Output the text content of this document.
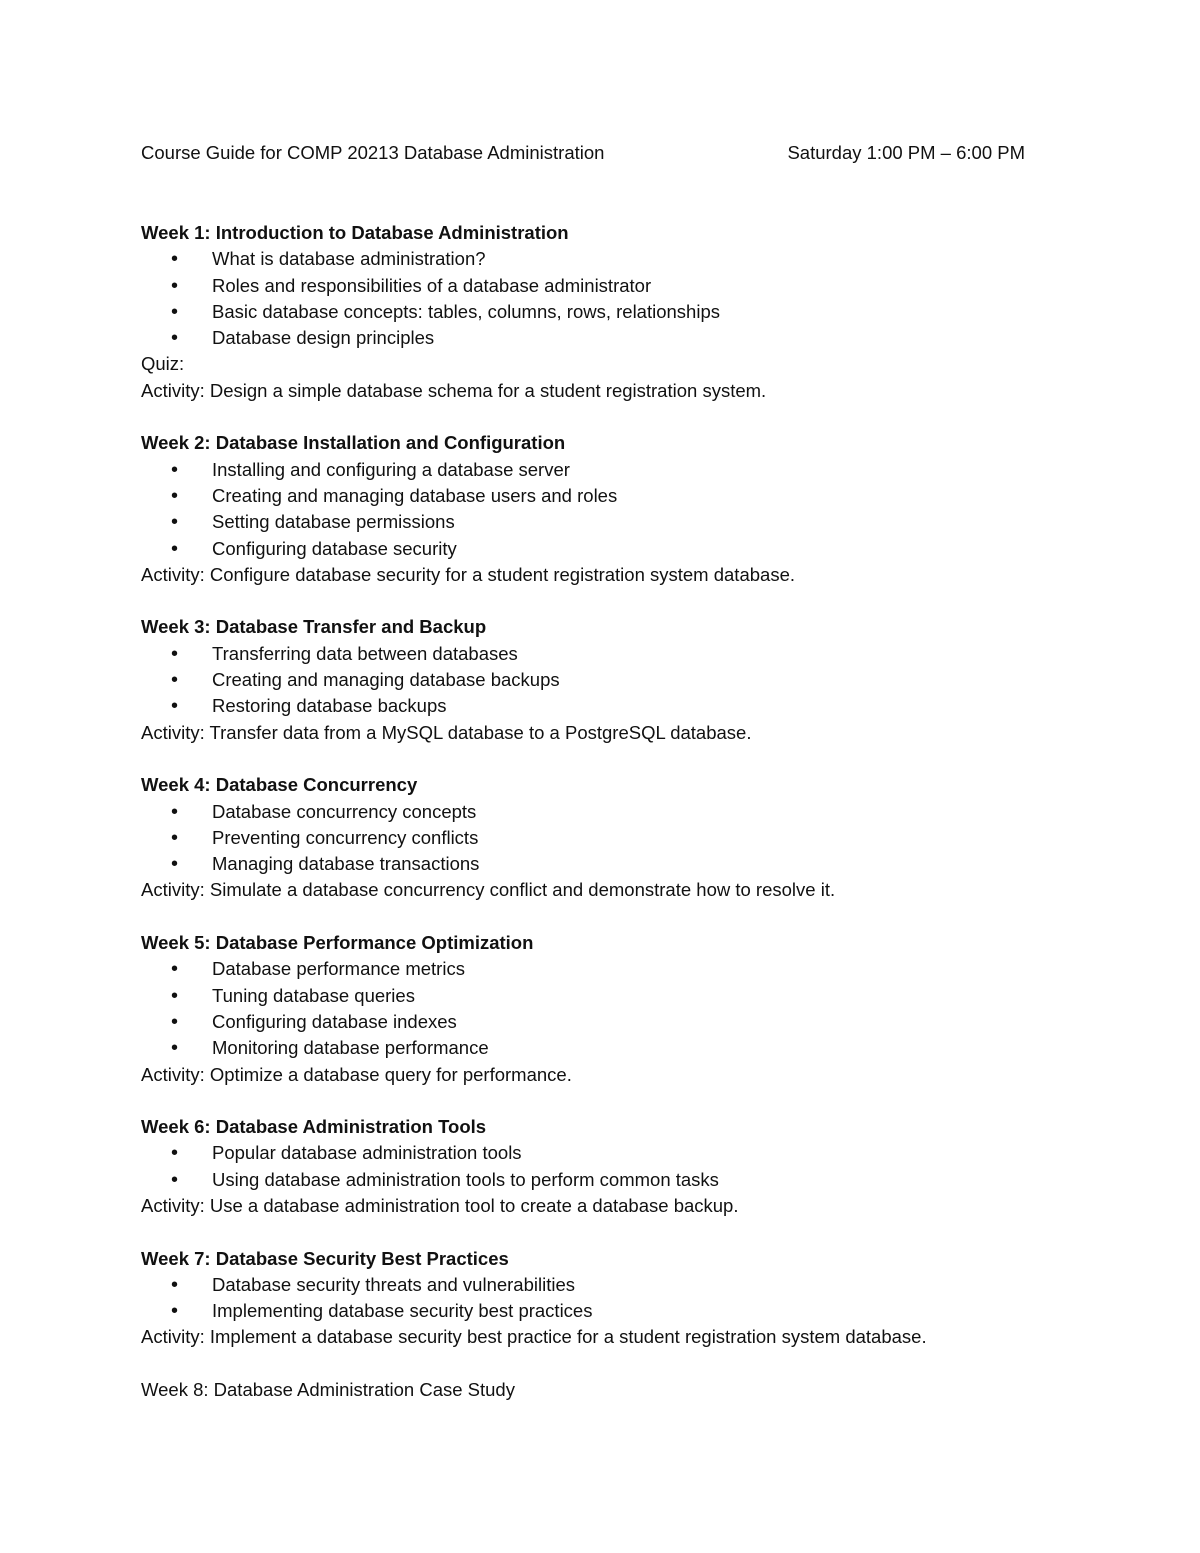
Course Guide for COMP 20213 Database Administration	Saturday 1:00 PM – 6:00 PM
Week 1: Introduction to Database Administration
• What is database administration?
• Roles and responsibilities of a database administrator
• Basic database concepts: tables, columns, rows, relationships
• Database design principles
Quiz:
Activity: Design a simple database schema for a student registration system.
Week 2: Database Installation and Configuration
• Installing and configuring a database server
• Creating and managing database users and roles
• Setting database permissions
• Configuring database security
Activity: Configure database security for a student registration system database.
Week 3: Database Transfer and Backup
• Transferring data between databases
• Creating and managing database backups
• Restoring database backups
Activity: Transfer data from a MySQL database to a PostgreSQL database.
Week 4: Database Concurrency
• Database concurrency concepts
• Preventing concurrency conflicts
• Managing database transactions
Activity: Simulate a database concurrency conflict and demonstrate how to resolve it.
Week 5: Database Performance Optimization
• Database performance metrics
• Tuning database queries
• Configuring database indexes
• Monitoring database performance
Activity: Optimize a database query for performance.
Week 6: Database Administration Tools
• Popular database administration tools
• Using database administration tools to perform common tasks
Activity: Use a database administration tool to create a database backup.
Week 7: Database Security Best Practices
• Database security threats and vulnerabilities
• Implementing database security best practices
Activity: Implement a database security best practice for a student registration system database.
Week 8: Database Administration Case Study
